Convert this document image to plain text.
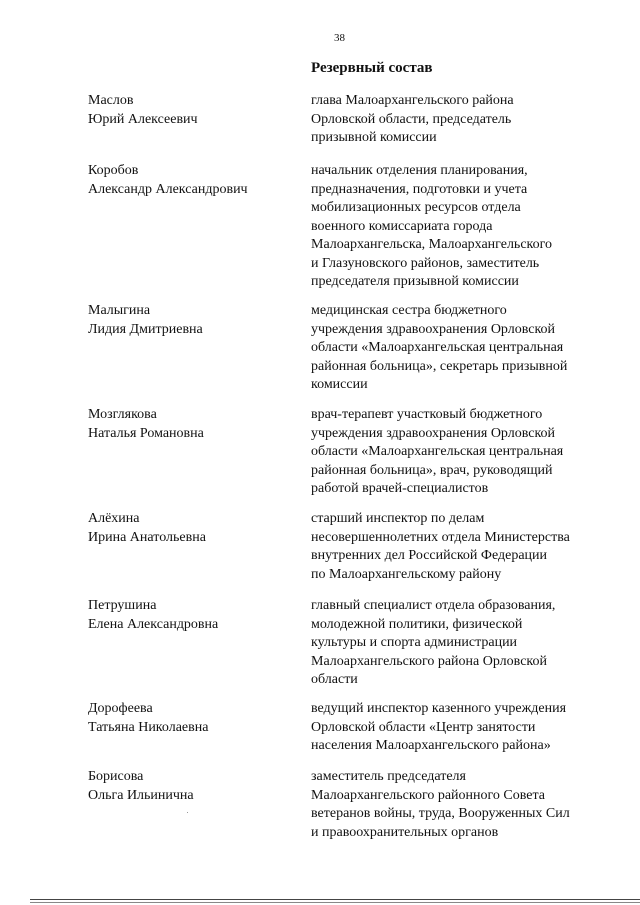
38
Резервный состав
Маслов
Юрий Алексеевич
глава Малоархангельского района
Орловской области, председатель
призывной комиссии
Коробов
Александр Александрович
начальник отделения планирования,
предназначения, подготовки и учета
мобилизационных ресурсов отдела
военного комиссариата города
Малоархангельска, Малоархангельского
и Глазуновского районов, заместитель
председателя призывной комиссии
Малыгина
Лидия Дмитриевна
медицинская сестра бюджетного
учреждения здравоохранения Орловской
области «Малоархангельская центральная
районная больница», секретарь призывной
комиссии
Мозглякова
Наталья Романовна
врач-терапевт участковый бюджетного
учреждения здравоохранения Орловской
области «Малоархангельская центральная
районная больница», врач, руководящий
работой врачей-специалистов
Алёхина
Ирина Анатольевна
старший инспектор по делам
несовершеннолетних отдела Министерства
внутренних дел Российской Федерации
по Малоархангельскому району
Петрушина
Елена Александровна
главный специалист отдела образования,
молодежной политики, физической
культуры и спорта администрации
Малоархангельского района Орловской
области
Дорофеева
Татьяна Николаевна
ведущий инспектор казенного учреждения
Орловской области «Центр занятости
населения Малоархангельского района»
Борисова
Ольга Ильинична
заместитель председателя
Малоархангельского районного Совета
ветеранов войны, труда, Вооруженных Сил
и правоохранительных органов
